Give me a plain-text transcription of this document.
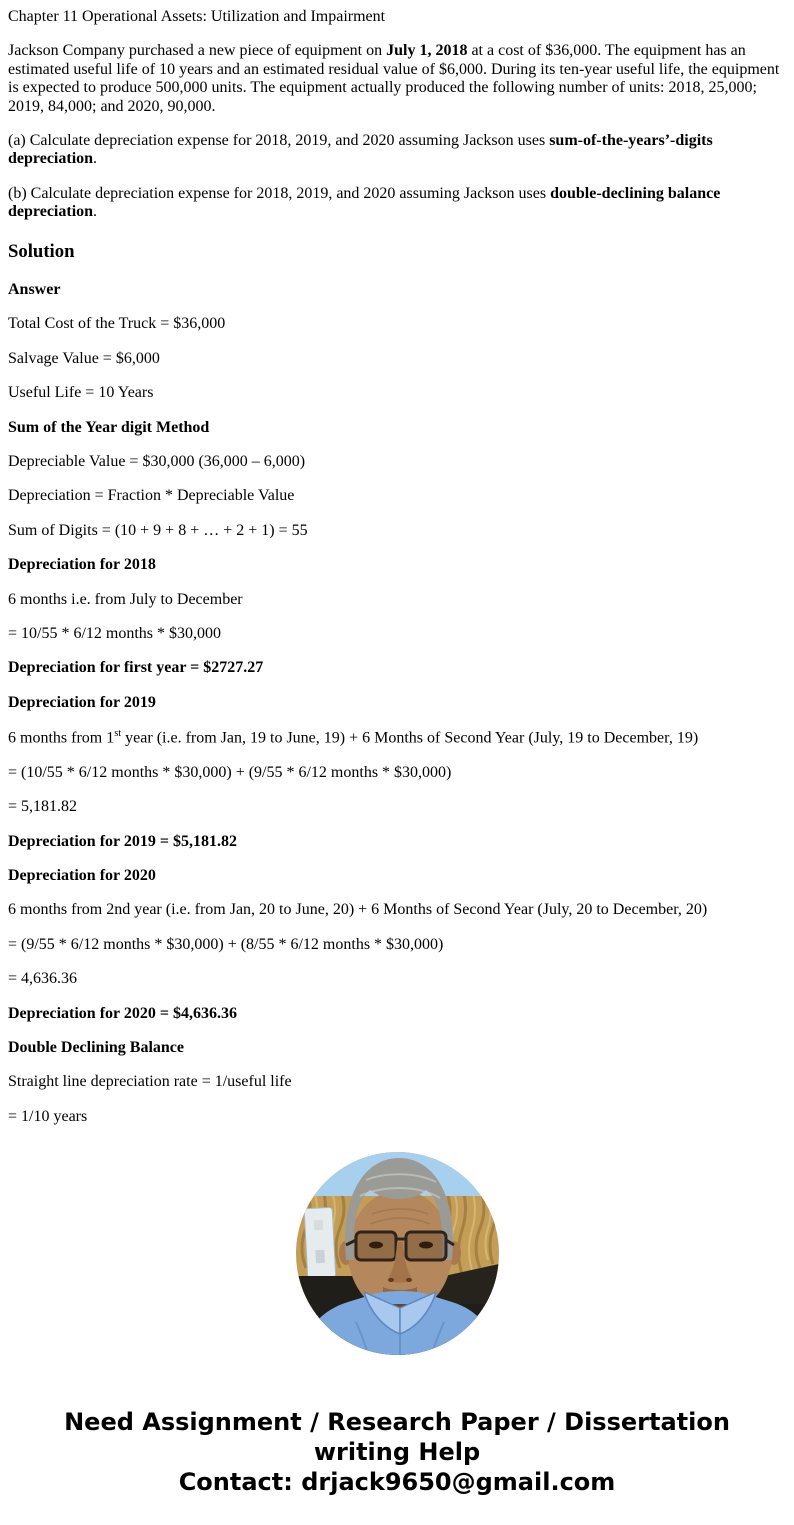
Chapter 11 Operational Assets: Utilization and Impairment

Jackson Company purchased a new piece of equipment on July 1, 2018 at a cost of $36,000. The equipment has an estimated useful life of 10 years and an estimated residual value of $6,000. During its ten-year useful life, the equipment is expected to produce 500,000 units. The equipment actually produced the following number of units: 2018, 25,000; 2019, 84,000; and 2020, 90,000.

(a) Calculate depreciation expense for 2018, 2019, and 2020 assuming Jackson uses sum-of-the-years’-digits depreciation.

(b) Calculate depreciation expense for 2018, 2019, and 2020 assuming Jackson uses double-declining balance depreciation.

Solution

Answer

Total Cost of the Truck = $36,000

Salvage Value = $6,000

Useful Life = 10 Years

Sum of the Year digit Method

Depreciable Value = $30,000 (36,000 – 6,000)

Depreciation = Fraction * Depreciable Value

Sum of Digits = (10 + 9 + 8 + … + 2 + 1) = 55

Depreciation for 2018

6 months i.e. from July to December

= 10/55 * 6/12 months * $30,000

Depreciation for first year = $2727.27

Depreciation for 2019

6 months from 1st year (i.e. from Jan, 19 to June, 19) + 6 Months of Second Year (July, 19 to December, 19)

= (10/55 * 6/12 months * $30,000) + (9/55 * 6/12 months * $30,000)

= 5,181.82

Depreciation for 2019 = $5,181.82

Depreciation for 2020

6 months from 2nd year (i.e. from Jan, 20 to June, 20) + 6 Months of Second Year (July, 20 to December, 20)

= (9/55 * 6/12 months * $30,000) + (8/55 * 6/12 months * $30,000)

= 4,636.36

Depreciation for 2020 = $4,636.36

Double Declining Balance

Straight line depreciation rate = 1/useful life

= 1/10 years

Need Assignment / Research Paper / Dissertation
writing Help
Contact: drjack9650@gmail.com
